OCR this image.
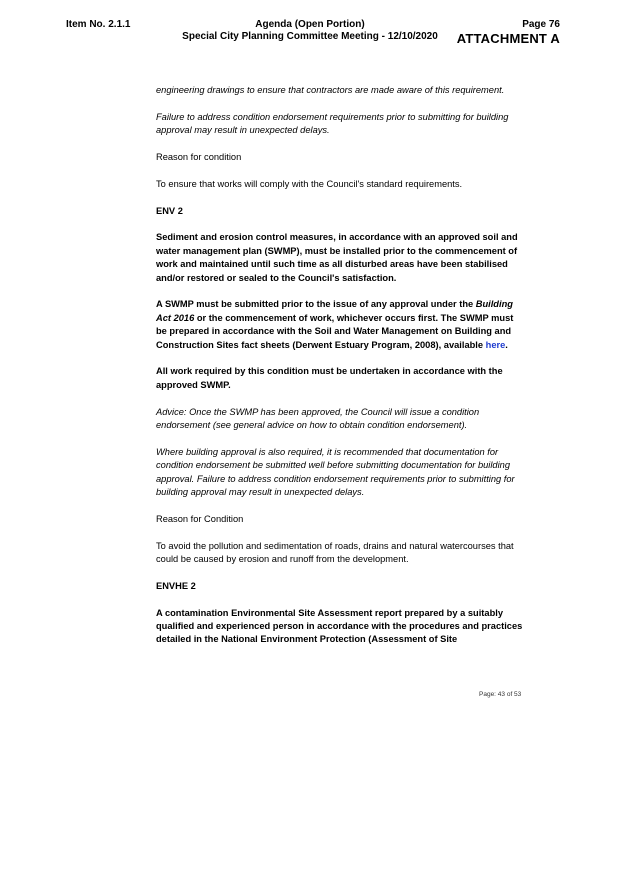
Item No. 2.1.1	Agenda (Open Portion)
Special City Planning Committee Meeting - 12/10/2020
Page 76
ATTACHMENT A

engineering drawings to ensure that contractors are made aware of this requirement.

Failure to address condition endorsement requirements prior to submitting for building approval may result in unexpected delays.

Reason for condition

To ensure that works will comply with the Council's standard requirements.

ENV 2

Sediment and erosion control measures, in accordance with an approved soil and water management plan (SWMP), must be installed prior to the commencement of work and maintained until such time as all disturbed areas have been stabilised and/or restored or sealed to the Council's satisfaction.

A SWMP must be submitted prior to the issue of any approval under the Building Act 2016 or the commencement of work, whichever occurs first. The SWMP must be prepared in accordance with the Soil and Water Management on Building and Construction Sites fact sheets (Derwent Estuary Program, 2008), available here.

All work required by this condition must be undertaken in accordance with the approved SWMP.

Advice: Once the SWMP has been approved, the Council will issue a condition endorsement (see general advice on how to obtain condition endorsement).

Where building approval is also required, it is recommended that documentation for condition endorsement be submitted well before submitting documentation for building approval. Failure to address condition endorsement requirements prior to submitting for building approval may result in unexpected delays.

Reason for Condition

To avoid the pollution and sedimentation of roads, drains and natural watercourses that could be caused by erosion and runoff from the development.

ENVHE 2

A contamination Environmental Site Assessment report prepared by a suitably qualified and experienced person in accordance with the procedures and practices detailed in the National Environment Protection (Assessment of Site

Page: 43 of 53
